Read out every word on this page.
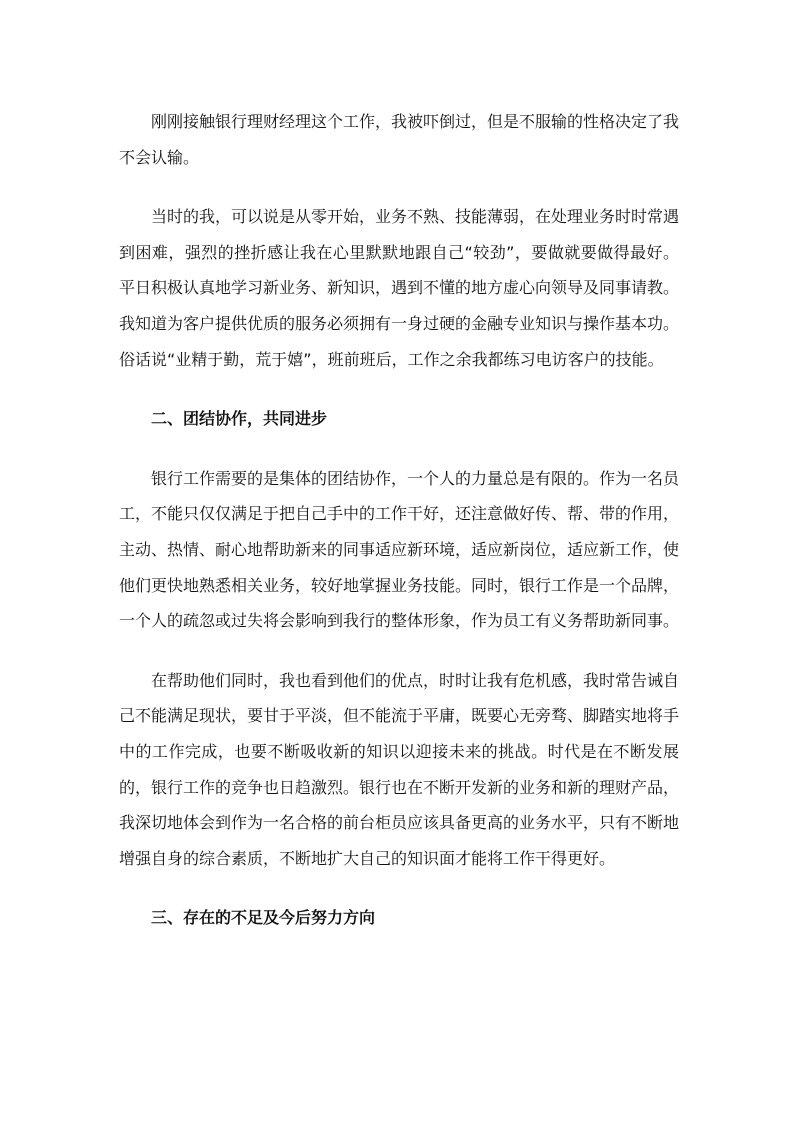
刚刚接触银行理财经理这个工作，我被吓倒过，但是不服输的性格决定了我不会认输。

当时的我，可以说是从零开始，业务不熟、技能薄弱，在处理业务时时常遇到困难，强烈的挫折感让我在心里默默地跟自己“较劲”，要做就要做得最好。平日积极认真地学习新业务、新知识，遇到不懂的地方虚心向领导及同事请教。我知道为客户提供优质的服务必须拥有一身过硬的金融专业知识与操作基本功。俗话说“业精于勤，荒于嬉”，班前班后，工作之余我都练习电访客户的技能。

二、团结协作，共同进步

银行工作需要的是集体的团结协作，一个人的力量总是有限的。作为一名员工，不能只仅仅满足于把自己手中的工作干好，还注意做好传、帮、带的作用，主动、热情、耐心地帮助新来的同事适应新环境，适应新岗位，适应新工作，使他们更快地熟悉相关业务，较好地掌握业务技能。同时，银行工作是一个品牌，一个人的疏忽或过失将会影响到我行的整体形象，作为员工有义务帮助新同事。

在帮助他们同时，我也看到他们的优点，时时让我有危机感，我时常告诫自己不能满足现状，要甘于平淡，但不能流于平庸，既要心无旁骛、脚踏实地将手中的工作完成，也要不断吸收新的知识以迎接未来的挑战。时代是在不断发展的，银行工作的竞争也日趋激烈。银行也在不断开发新的业务和新的理财产品，我深切地体会到作为一名合格的前台柜员应该具备更高的业务水平，只有不断地增强自身的综合素质，不断地扩大自己的知识面才能将工作干得更好。

三、存在的不足及今后努力方向
